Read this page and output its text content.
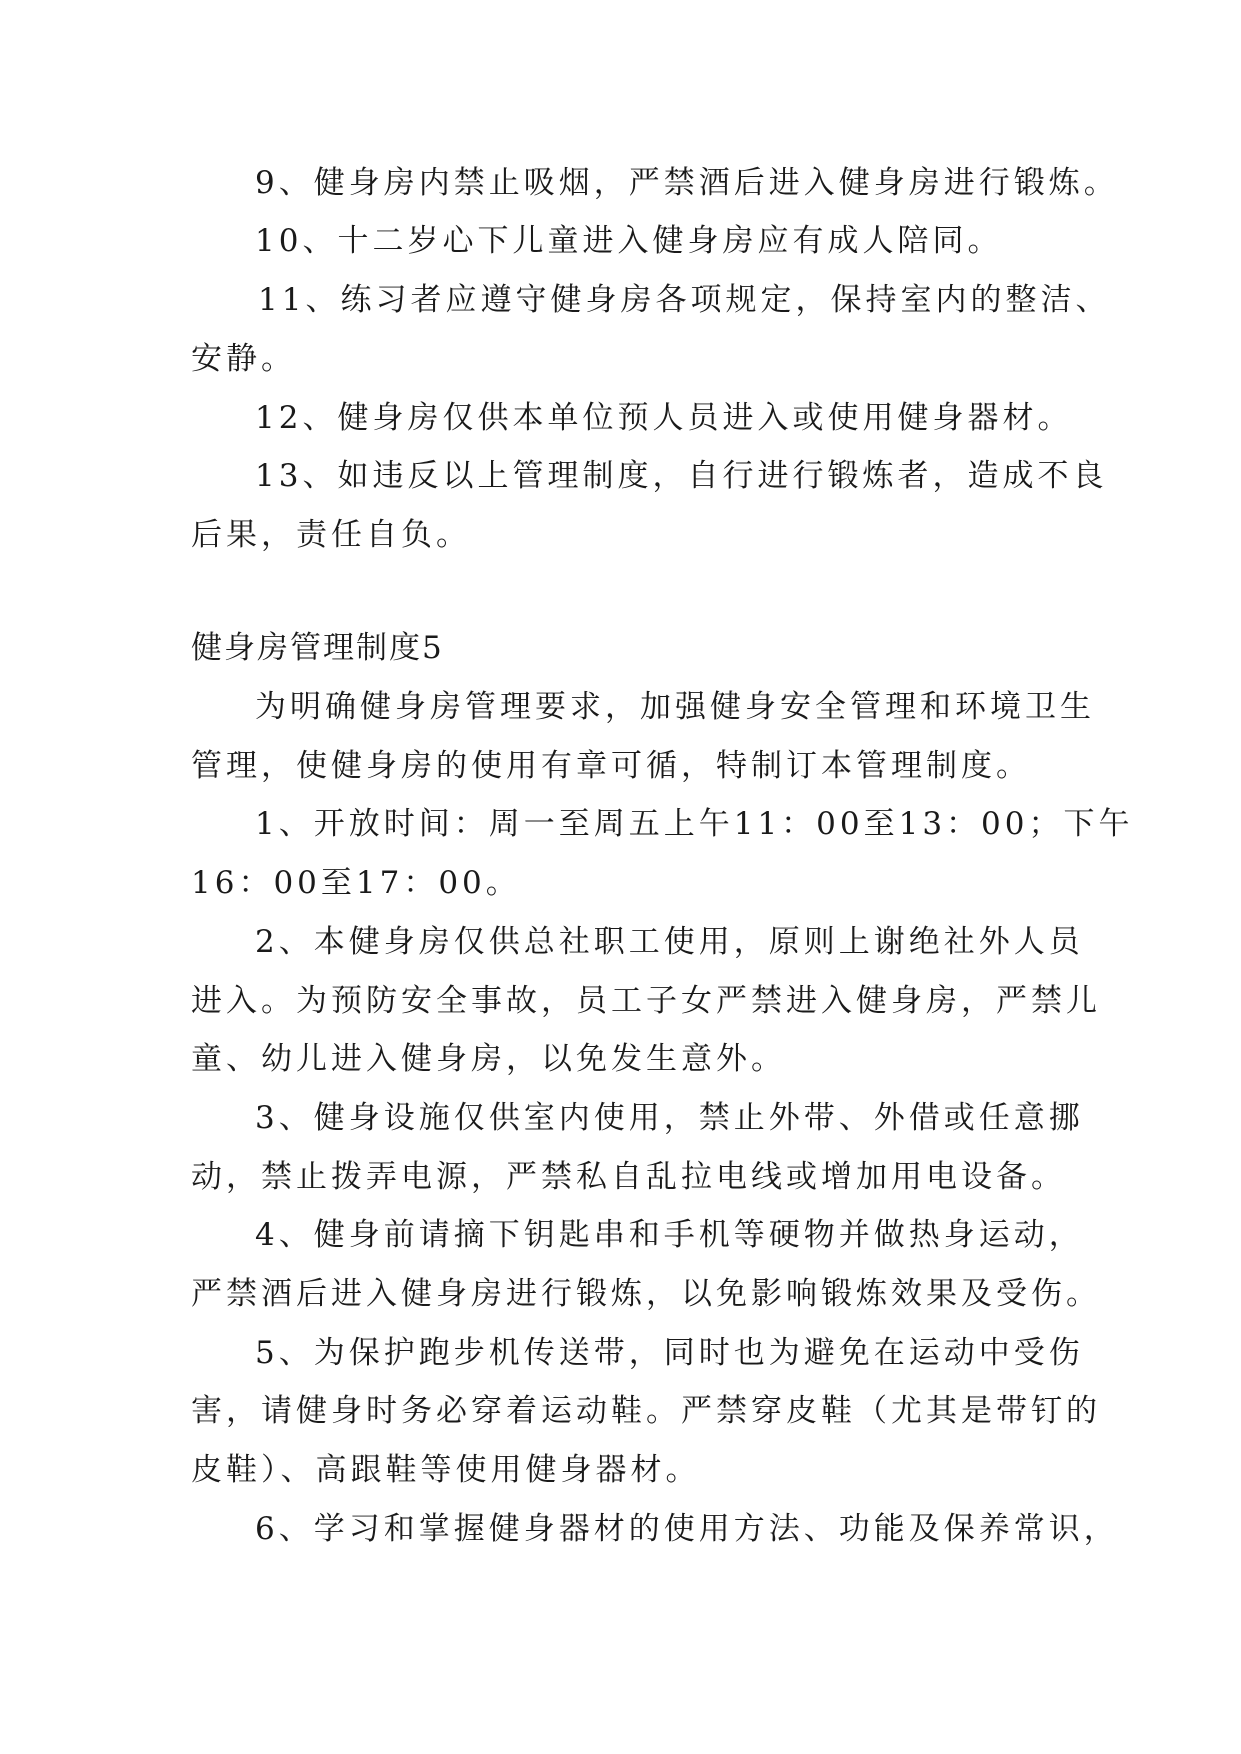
9、健身房内禁止吸烟，严禁酒后进入健身房进行锻炼。
10、十二岁心下儿童进入健身房应有成人陪同。
11、练习者应遵守健身房各项规定，保持室内的整洁、
安静。
12、健身房仅供本单位预人员进入或使用健身器材。
13、如违反以上管理制度，自行进行锻炼者，造成不良
后果，责任自负。
健身房管理制度5
为明确健身房管理要求，加强健身安全管理和环境卫生
管理，使健身房的使用有章可循，特制订本管理制度。
1、开放时间：周一至周五上午11：00至13：00；下午
16：00至17：00。
2、本健身房仅供总社职工使用，原则上谢绝社外人员
进入。为预防安全事故，员工子女严禁进入健身房，严禁儿
童、幼儿进入健身房，以免发生意外。
3、健身设施仅供室内使用，禁止外带、外借或任意挪
动，禁止拨弄电源，严禁私自乱拉电线或增加用电设备。
4、健身前请摘下钥匙串和手机等硬物并做热身运动，
严禁酒后进入健身房进行锻炼，以免影响锻炼效果及受伤。
5、为保护跑步机传送带，同时也为避免在运动中受伤
害，请健身时务必穿着运动鞋。严禁穿皮鞋（尤其是带钉的
皮鞋）、高跟鞋等使用健身器材。
6、学习和掌握健身器材的使用方法、功能及保养常识，
